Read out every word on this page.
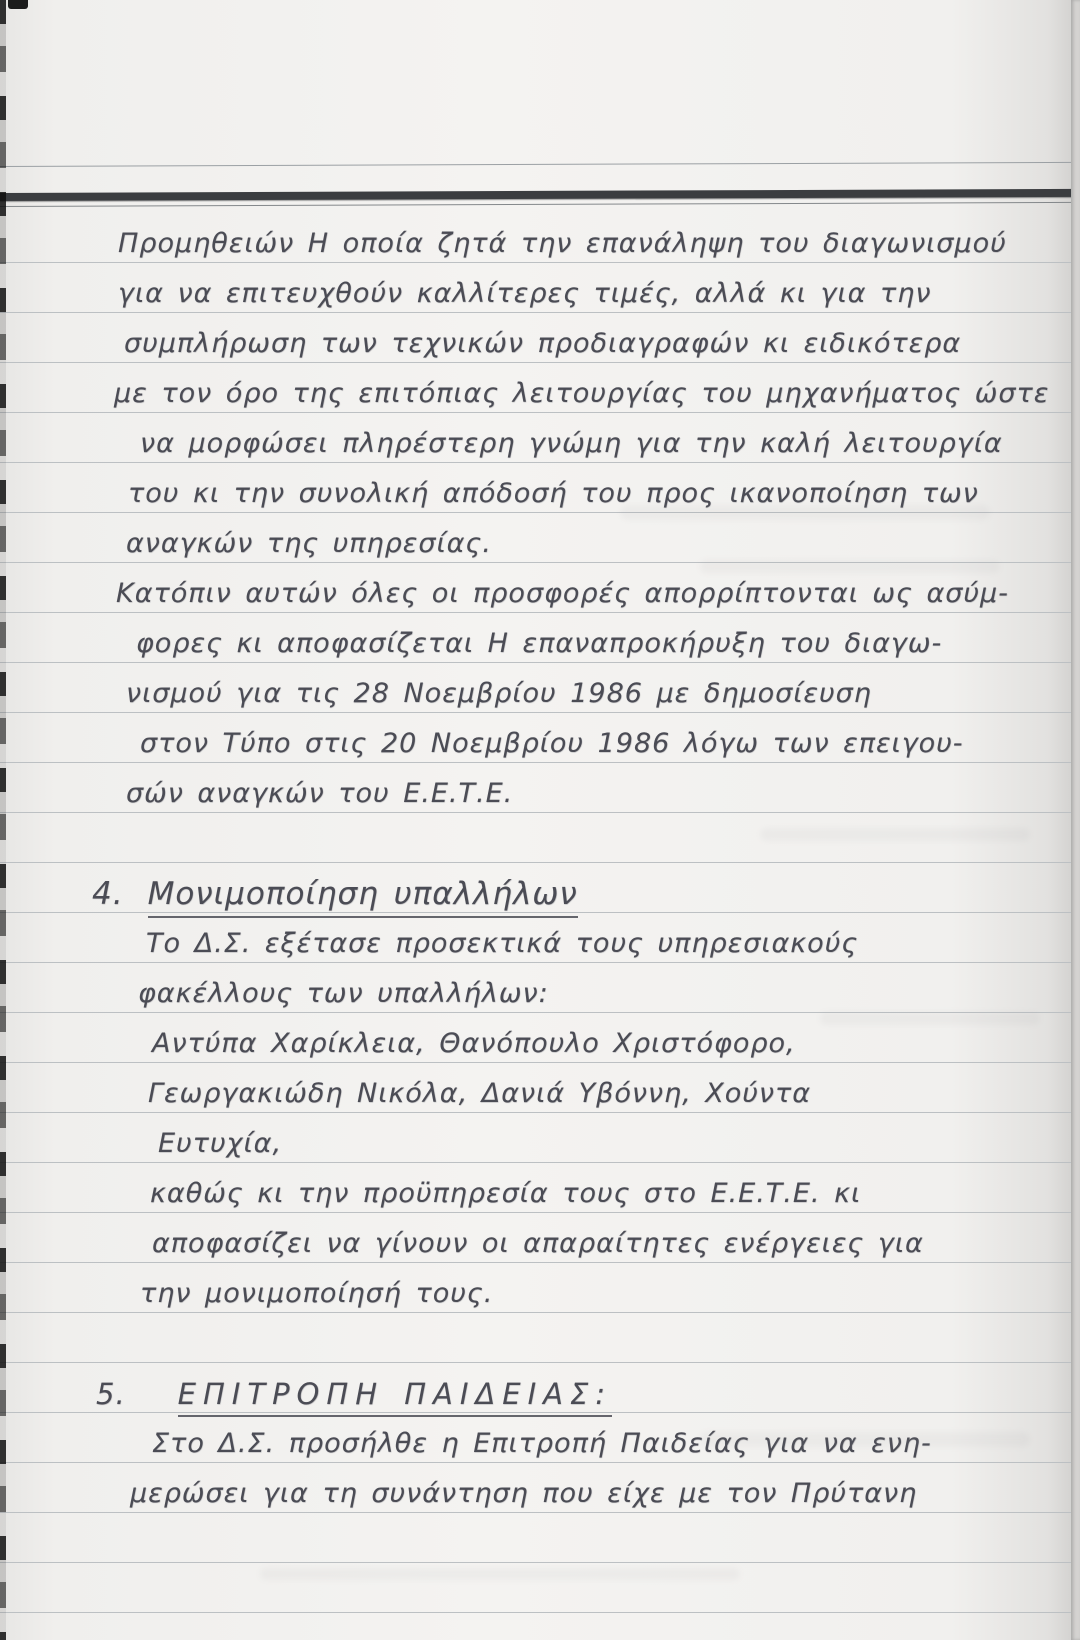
Προμηθειών Η οποία ζητά την επανάληψη του διαγωνισμού
για να επιτευχθούν καλλίτερες τιμές, αλλά κι για την
συμπλήρωση των τεχνικών προδιαγραφών κι ειδικότερα
με τον όρο της επιτόπιας λειτουργίας του μηχανήματος ώστε
να μορφώσει πληρέστερη γνώμη για την καλή λειτουργία
του κι την συνολική απόδοσή του προς ικανοποίηση των
αναγκών της υπηρεσίας.
Κατόπιν αυτών όλες οι προσφορές απορρίπτονται ως ασύμ-
φορες κι αποφασίζεται Η επαναπροκήρυξη του διαγω-
νισμού για τις 28 Νοεμβρίου 1986 με δημοσίευση
στον Τύπο στις 20 Νοεμβρίου 1986 λόγω των επειγου-
σών αναγκών του Ε.Ε.Τ.Ε.
4. Μονιμοποίηση υπαλλήλων
Το Δ.Σ. εξέτασε προσεκτικά τους υπηρεσιακούς
φακέλλους των υπαλλήλων:
Αντύπα Χαρίκλεια, Θανόπουλο Χριστόφορο,
Γεωργακιώδη Νικόλα, Δανιά Υβόννη, Χούντα
Ευτυχία,
καθώς κι την προϋπηρεσία τους στο Ε.Ε.Τ.Ε. κι
αποφασίζει να γίνουν οι απαραίτητες ενέργειες για
την μονιμοποίησή τους.
5. ΕΠΙΤΡΟΠΗ ΠΑΙΔΕΙΑΣ:
Στο Δ.Σ. προσήλθε η Επιτροπή Παιδείας για να ενη-
μερώσει για τη συνάντηση που είχε με τον Πρύτανη
